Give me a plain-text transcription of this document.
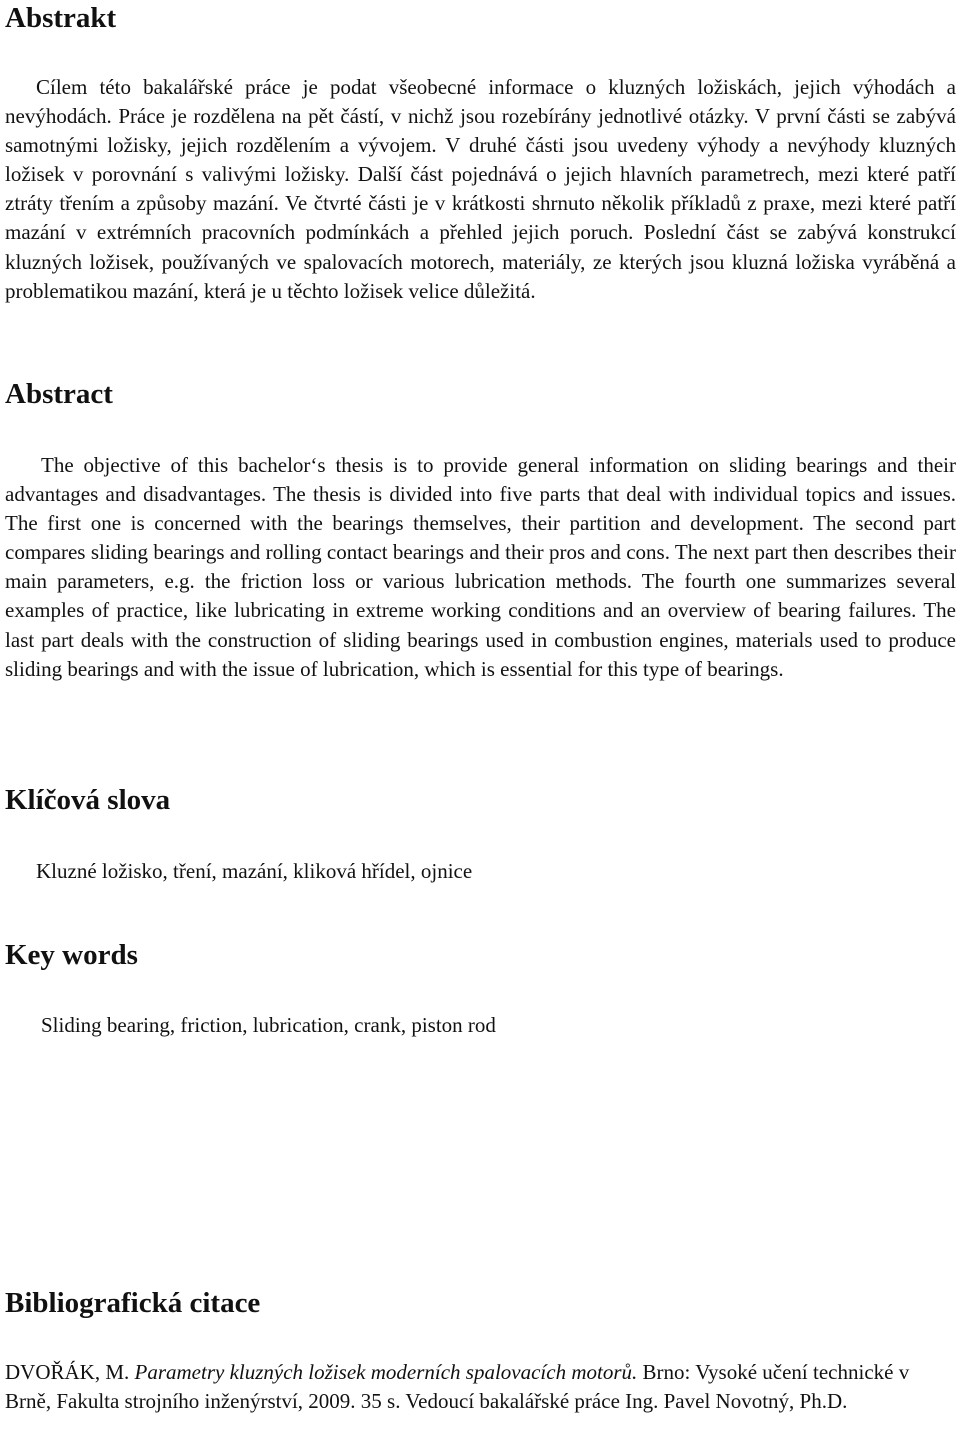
Abstrakt

Cílem této bakalářské práce je podat všeobecné informace o kluzných ložiskách, jejich výhodách a nevýhodách. Práce je rozdělena na pět částí, v nichž jsou rozebírány jednotlivé otázky. V první části se zabývá samotnými ložisky, jejich rozdělením a vývojem. V druhé části jsou uvedeny výhody a nevýhody kluzných ložisek v porovnání s valivými ložisky. Další část pojednává o jejich hlavních parametrech, mezi které patří ztráty třením a způsoby mazání. Ve čtvrté části je v krátkosti shrnuto několik příkladů z praxe, mezi které patří mazání v extrémních pracovních podmínkách a přehled jejich poruch. Poslední část se zabývá konstrukcí kluzných ložisek, používaných ve spalovacích motorech, materiály, ze kterých jsou kluzná ložiska vyráběná a problematikou mazání, která je u těchto ložisek velice důležitá.

Abstract

The objective of this bachelor‘s thesis is to provide general information on sliding bearings and their advantages and disadvantages. The thesis is divided into five parts that deal with individual topics and issues. The first one is concerned with the bearings themselves, their partition and development. The second part compares sliding bearings and rolling contact bearings and their pros and cons. The next part then describes their main parameters, e.g. the friction loss or various lubrication methods. The fourth one summarizes several examples of practice, like lubricating in extreme working conditions and an overview of bearing failures. The last part deals with the construction of sliding bearings used in combustion engines, materials used to produce sliding bearings and with the issue of lubrication, which is essential for this type of bearings.

Klíčová slova

Kluzné ložisko, tření, mazání, kliková hřídel, ojnice

Key words

Sliding bearing, friction, lubrication, crank, piston rod

Bibliografická citace

DVOŘÁK, M. Parametry kluzných ložisek moderních spalovacích motorů. Brno: Vysoké učení technické v Brně, Fakulta strojního inženýrství, 2009. 35 s. Vedoucí bakalářské práce Ing. Pavel Novotný, Ph.D.
